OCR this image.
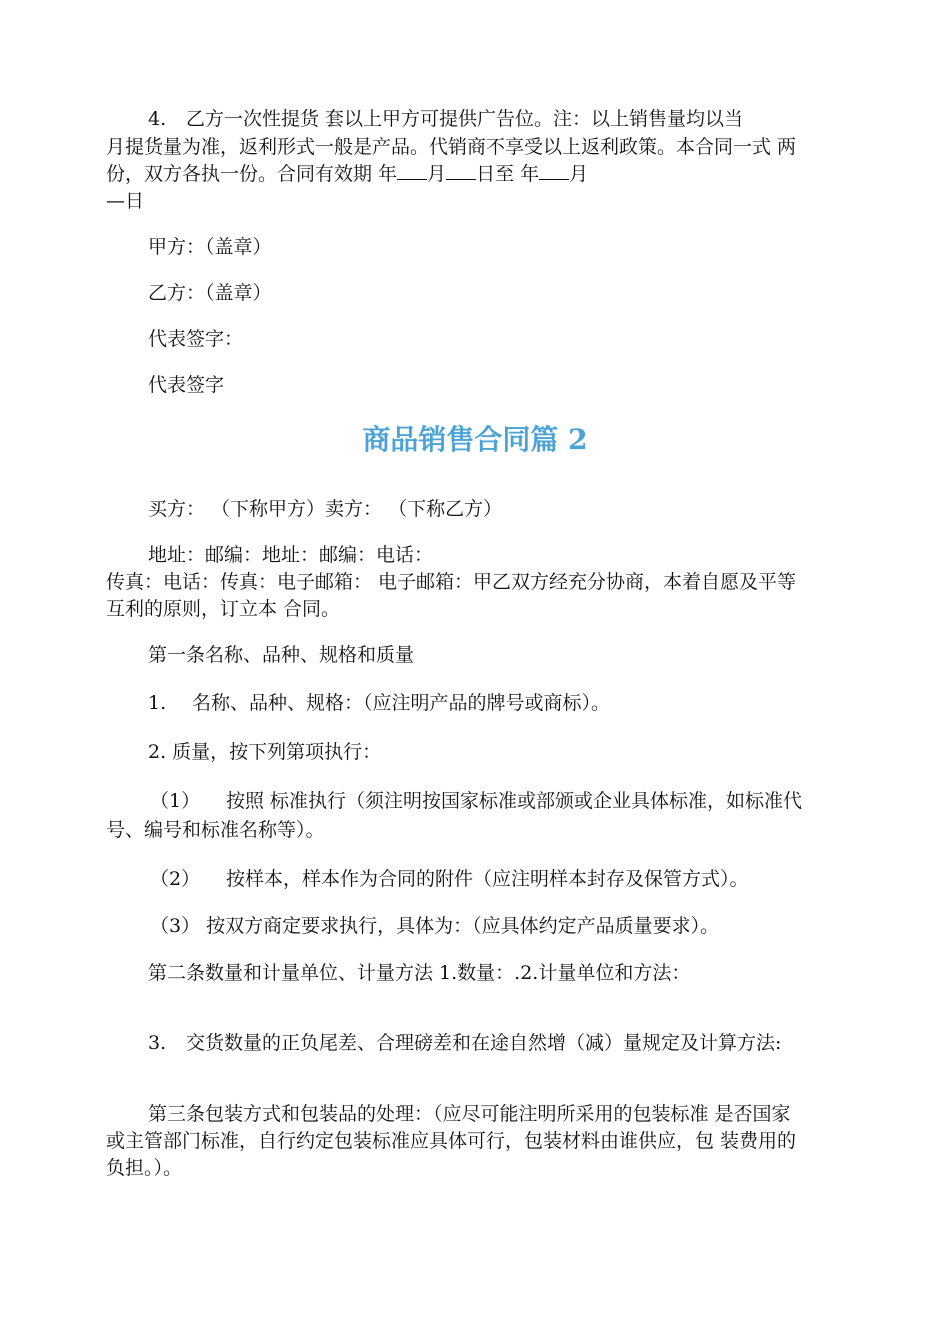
4. 乙方一次性提货 套以上甲方可提供广告位。注：以上销售量均以当
月提货量为准，返利形式一般是产品。代销商不享受以上返利政策。本合同一式 两
份，双方各执一份。合同有效期 年 月 日至 年 月
—日
甲方：（盖章）
乙方：（盖章）
代表签字：
代表签字
商品销售合同篇 2
买方： （下称甲方）卖方： （下称乙方）
地址：邮编：地址：邮编：电话：
传真：电话：传真：电子邮箱： 电子邮箱：甲乙双方经充分协商，本着自愿及平等
互利的原则，订立本 合同。
第一条名称、品种、规格和质量
1. 名称、品种、规格：（应注明产品的牌号或商标）。
2. 质量，按下列第项执行：
（1） 按照 标准执行（须注明按国家标准或部颁或企业具体标准，如标准代
号、编号和标准名称等）。
（2） 按样本，样本作为合同的附件（应注明样本封存及保管方式）。
（3） 按双方商定要求执行，具体为：（应具体约定产品质量要求）。
第二条数量和计量单位、计量方法 1.数量：.2.计量单位和方法：
3. 交货数量的正负尾差、合理磅差和在途自然增（减）量规定及计算方法:
第三条包装方式和包装品的处理：（应尽可能注明所采用的包装标准 是否国家
或主管部门标准，自行约定包装标准应具体可行，包装材料由谁供应，包 装费用的
负担。）。
